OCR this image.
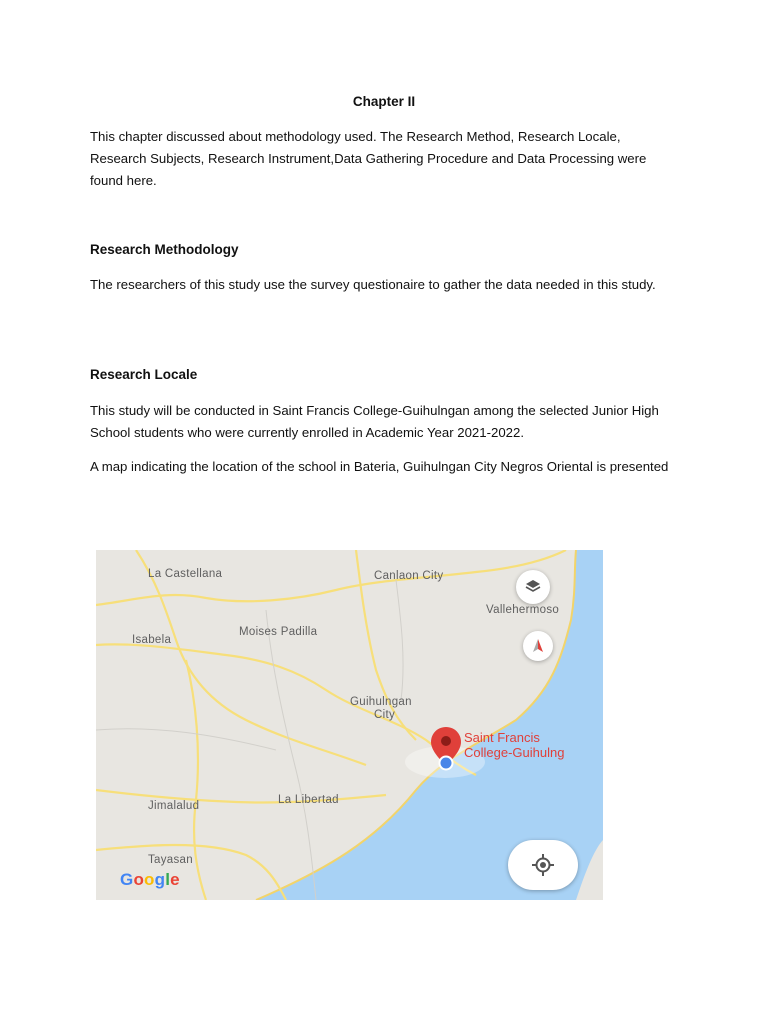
Chapter II

This chapter discussed about methodology used. The Research Method, Research Locale, Research Subjects, Research Instrument,Data Gathering Procedure and Data Processing were found here.

Research Methodology

The researchers of this study use the survey questionaire to gather the data needed in this study.

Research Locale

This study will be conducted in Saint Francis College-Guihulngan among the selected Junior High School students who were currently enrolled in Academic Year 2021-2022.

A map indicating the location of the school in Bateria, Guihulngan City Negros Oriental is presented

La Castellana	Canlaon City
Vallehermoso
Isabela
Moises Padilla
Guihulngan
City
Jimalalud	La Libertad
Tayasan
Saint Francis
College-Guihulng
Google
